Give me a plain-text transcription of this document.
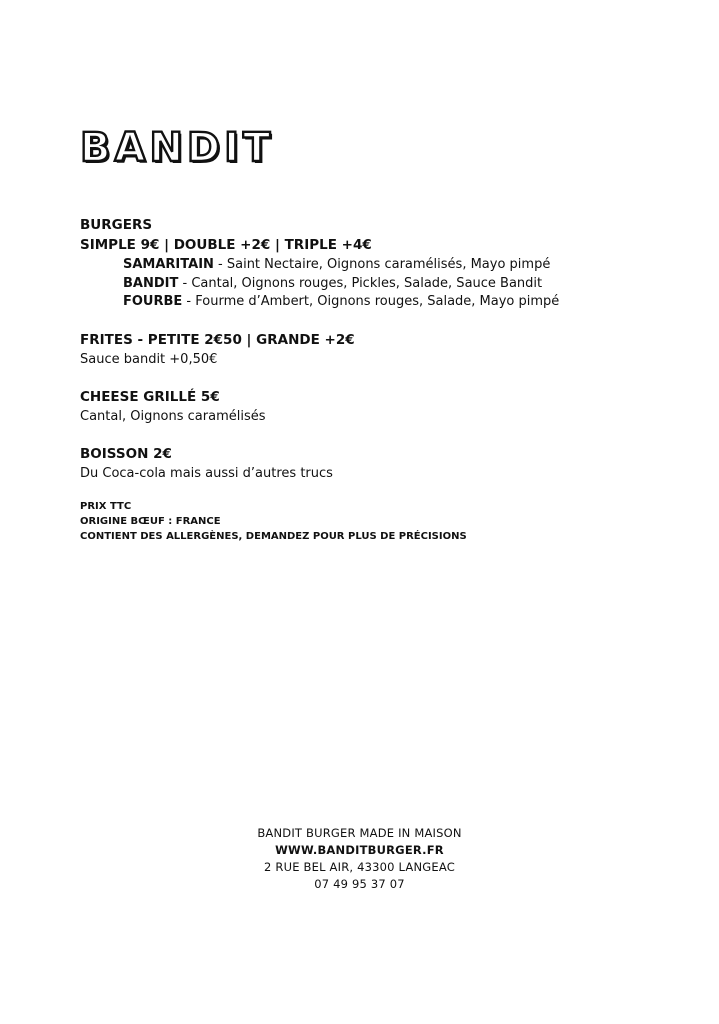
BANDIT

BURGERS

SIMPLE 9€ | DOUBLE +2€ | TRIPLE +4€

SAMARITAIN - Saint Nectaire, Oignons caramélisés, Mayo pimpé
BANDIT - Cantal, Oignons rouges, Pickles, Salade, Sauce Bandit
FOURBE - Fourme d’Ambert, Oignons rouges, Salade, Mayo pimpé

FRITES - PETITE 2€50 | GRANDE +2€

Sauce bandit +0,50€

CHEESE GRILLÉ 5€

Cantal, Oignons caramélisés

BOISSON 2€

Du Coca-cola mais aussi d’autres trucs

PRIX TTC
ORIGINE BŒUF : FRANCE
CONTIENT DES ALLERGÈNES, DEMANDEZ POUR PLUS DE PRÉCISIONS
BANDIT BURGER MADE IN MAISON
WWW.BANDITBURGER.FR
2 RUE BEL AIR, 43300 LANGEAC
07 49 95 37 07
